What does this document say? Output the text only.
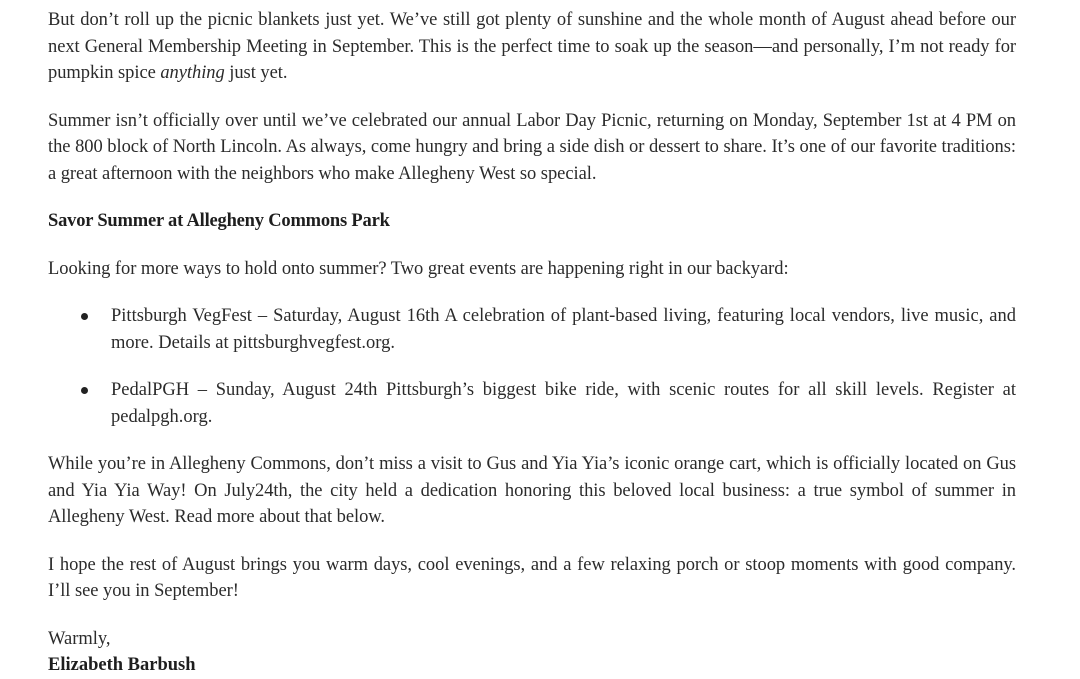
But don’t roll up the picnic blankets just yet. We’ve still got plenty of sunshine and the whole month of August ahead before our next General Membership Meeting in September. This is the perfect time to soak up the season—and personally, I’m not ready for pumpkin spice anything just yet.

Summer isn’t officially over until we’ve celebrated our annual Labor Day Picnic, returning on Monday, September 1st at 4 PM on the 800 block of North Lincoln. As always, come hungry and bring a side dish or dessert to share. It’s one of our favorite traditions: a great afternoon with the neighbors who make Allegheny West so special.

Savor Summer at Allegheny Commons Park

Looking for more ways to hold onto summer? Two great events are happening right in our backyard:

Pittsburgh VegFest – Saturday, August 16th A celebration of plant-based living, featuring local vendors, live music, and more. Details at pittsburghvegfest.org.
PedalPGH – Sunday, August 24th Pittsburgh’s biggest bike ride, with scenic routes for all skill levels. Register at pedalpgh.org.

While you’re in Allegheny Commons, don’t miss a visit to Gus and Yia Yia’s iconic orange cart, which is officially located on Gus and Yia Yia Way! On July24th, the city held a dedication honoring this beloved local business: a true symbol of summer in Allegheny West. Read more about that below.

I hope the rest of August brings you warm days, cool evenings, and a few relaxing porch or stoop moments with good company. I’ll see you in September!

Warmly,

Elizabeth Barbush
